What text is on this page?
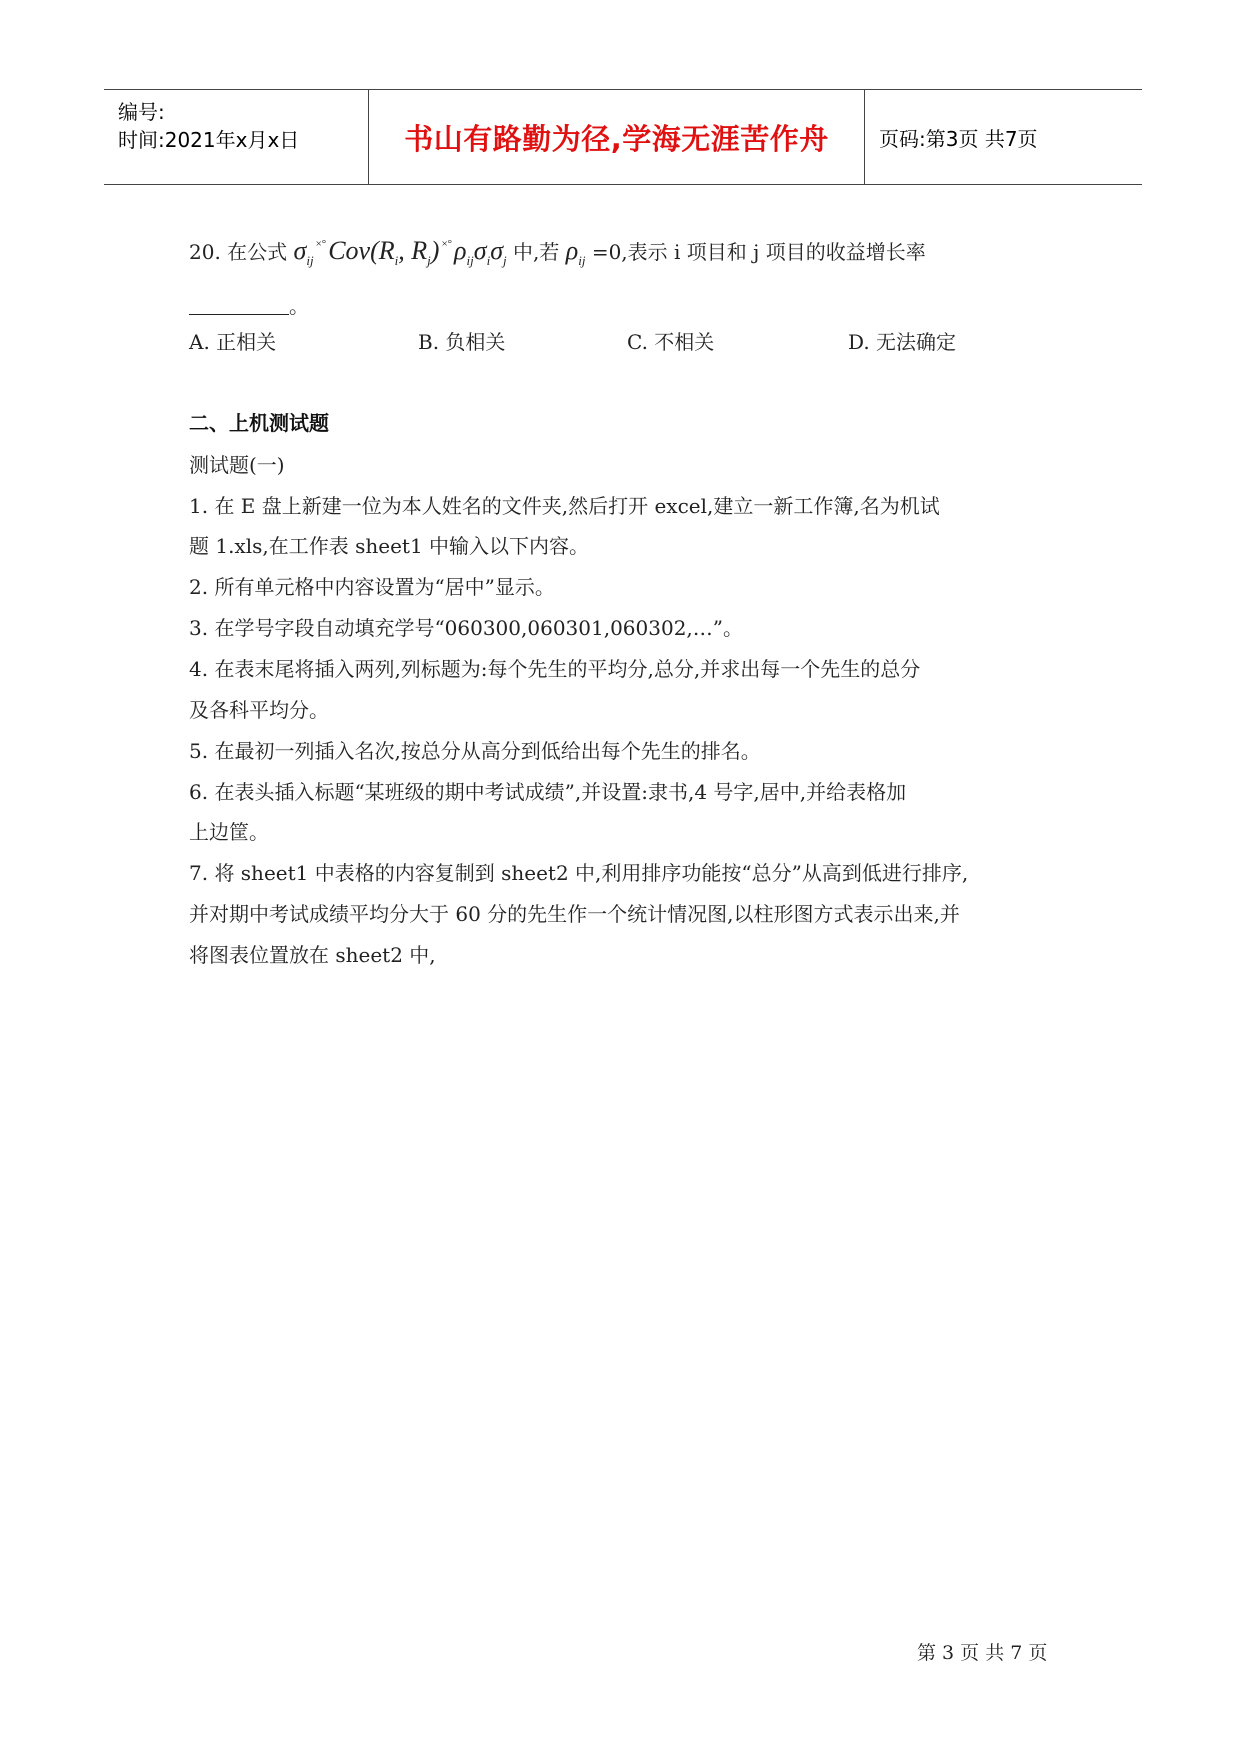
编号:
时间:2021年x月x日	书山有路勤为径,学海无涯苦作舟	页码:第3页 共7页
20. 在公式 $\sigma_{ij}^{\times^\circ}Cov(R_i$, $R_j$) $^{\times^\circ}\rho_{ij}\sigma_i\sigma_j$ 中,若 $\rho_{ij} =0$,表示 i 项目和 j 项目的收益增长率
。
A. 正相关	B. 负相关	C. 不相关	D. 无法确定
二、上机测试题
测试题(一)
1. 在 E 盘上新建一位为本人姓名的文件夹,然后打开 excel,建立一新工作簿,名为机试
题 1.xls,在工作表 sheet1 中输入以下内容。
2. 所有单元格中内容设置为“居中”显示。
3. 在学号字段自动填充学号“060300,060301,060302,…”。
4. 在表末尾将插入两列,列标题为:每个先生的平均分,总分,并求出每一个先生的总分
及各科平均分。
5. 在最初一列插入名次,按总分从高分到低给出每个先生的排名。
6. 在表头插入标题“某班级的期中考试成绩”,并设置:隶书,4 号字,居中,并给表格加
上边筐。
7. 将 sheet1 中表格的内容复制到 sheet2 中,利用排序功能按“总分”从高到低进行排序,
并对期中考试成绩平均分大于 60 分的先生作一个统计情况图,以柱形图方式表示出来,并
将图表位置放在 sheet2 中,
第 3 页 共 7 页
